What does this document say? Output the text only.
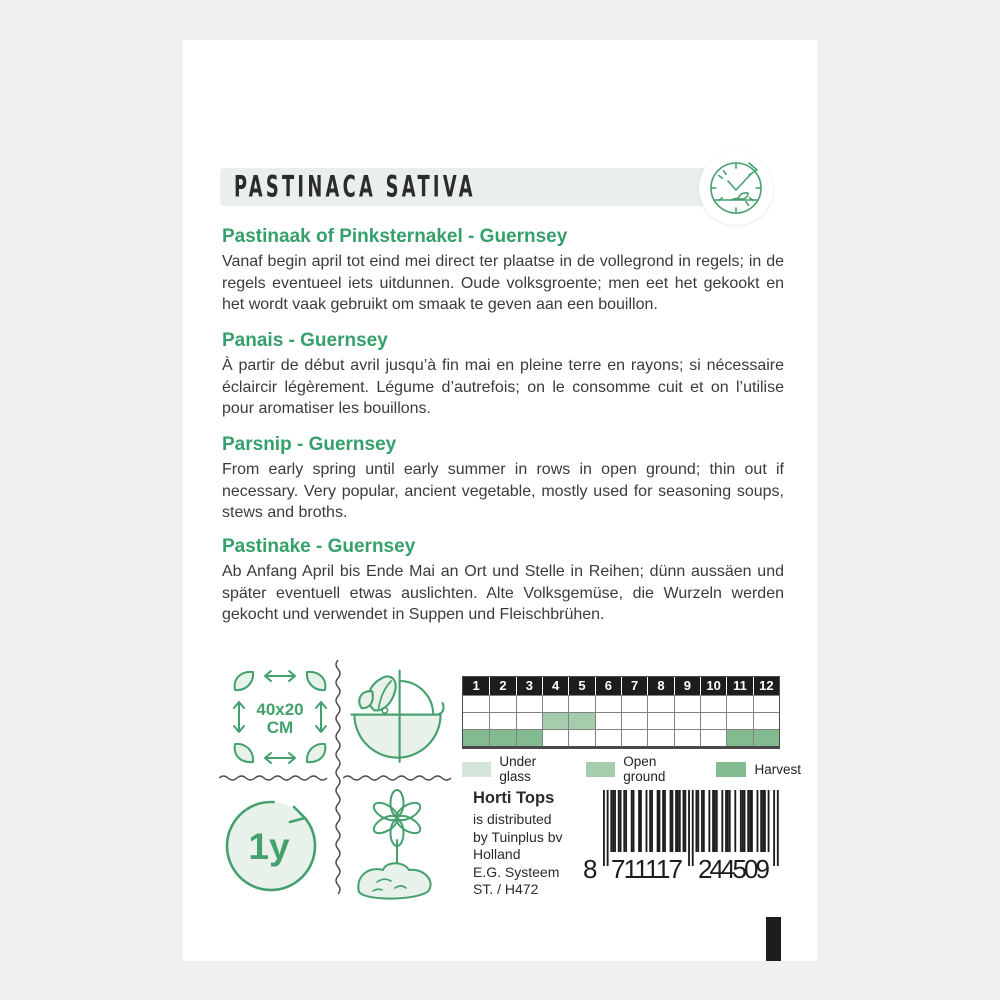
PASTINACA SATIVA
Pastinaak of Pinksternakel - Guernsey

Vanaf begin april tot eind mei direct ter plaatse in de vollegrond in regels; in de regels eventueel iets uitdunnen. Oude volksgroente; men eet het gekookt en het wordt vaak gebruikt om smaak te geven aan een bouillon.

Panais - Guernsey

À partir de début avril jusqu’à fin mai en pleine terre en rayons; si nécessaire éclaircir légèrement. Légume d’autrefois; on le consomme cuit et on l’utilise pour aromatiser les bouillons.

Parsnip - Guernsey

From early spring until early summer in rows in open ground; thin out if necessary. Very popular, ancient vegetable, mostly used for seasoning soups, stews and broths.

Pastinake - Guernsey

Ab Anfang April bis Ende Mai an Ort und Stelle in Reihen; dünn aussäen und später eventuell etwas auslichten. Alte Volksgemüse, die Wurzeln werden gekocht und verwendet in Suppen und Fleischbrühen.

40x20
CM
1y
1	2	3	4	5	6	7	8	9	10 11 12
Under glass
Open ground	Harvest
Horti Tops
is distributed
by Tuinplus bv
Holland
E.G. Systeem
ST. / H472
8 711117 244509
